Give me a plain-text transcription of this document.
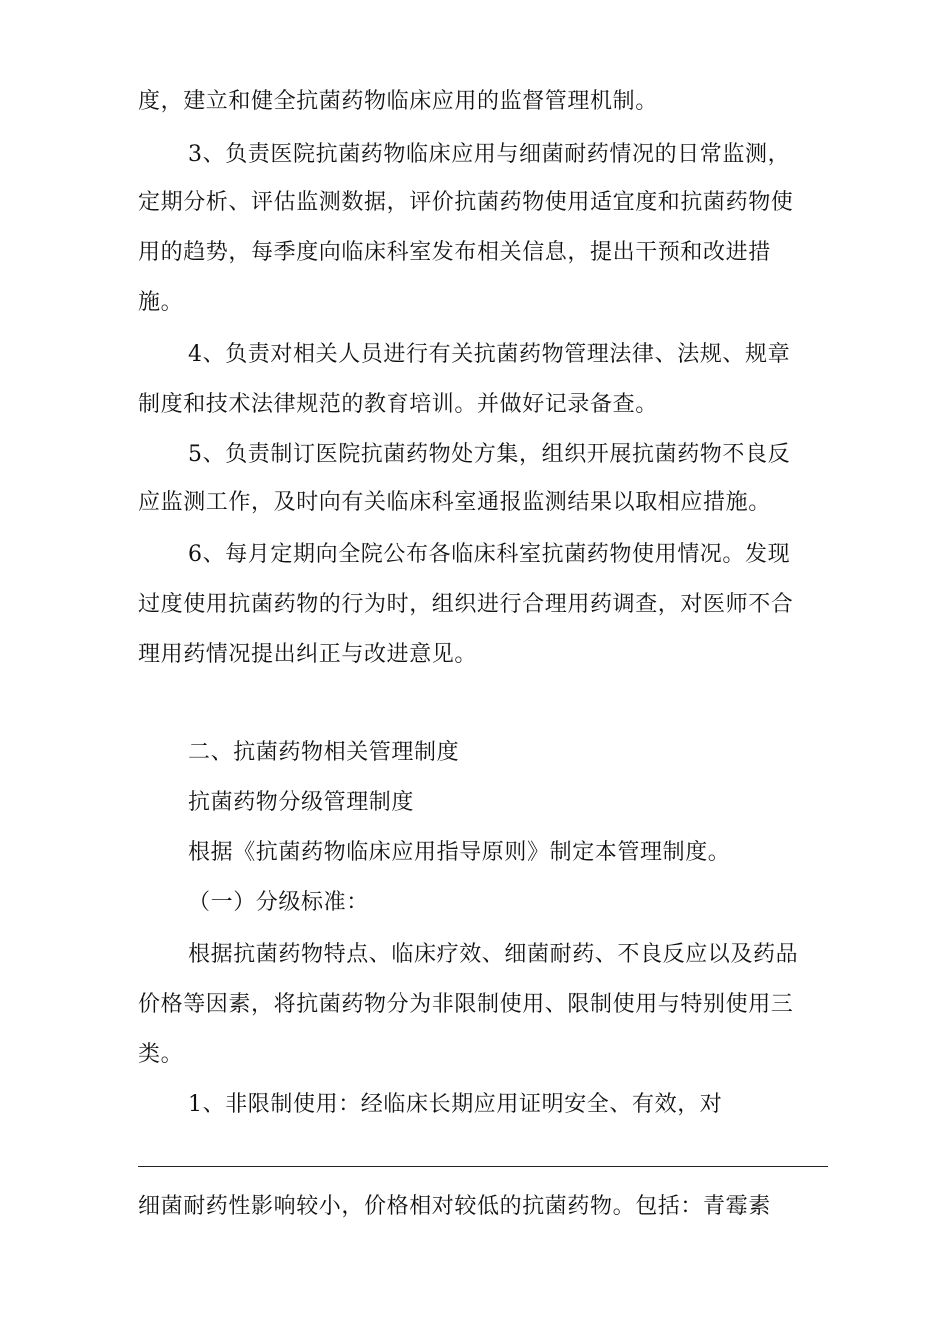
度，建立和健全抗菌药物临床应用的监督管理机制。
3、负责医院抗菌药物临床应用与细菌耐药情况的日常监测，
定期分析、评估监测数据，评价抗菌药物使用适宜度和抗菌药物使
用的趋势，每季度向临床科室发布相关信息，提出干预和改进措
施。
4、负责对相关人员进行有关抗菌药物管理法律、法规、规章
制度和技术法律规范的教育培训。并做好记录备查。
5、负责制订医院抗菌药物处方集，组织开展抗菌药物不良反
应监测工作，及时向有关临床科室通报监测结果以取相应措施。
6、每月定期向全院公布各临床科室抗菌药物使用情况。发现
过度使用抗菌药物的行为时，组织进行合理用药调查，对医师不合
理用药情况提出纠正与改进意见。
二、抗菌药物相关管理制度
抗菌药物分级管理制度
根据《抗菌药物临床应用指导原则》制定本管理制度。
（一）分级标准：
根据抗菌药物特点、临床疗效、细菌耐药、不良反应以及药品
价格等因素，将抗菌药物分为非限制使用、限制使用与特别使用三
类。
1、非限制使用：经临床长期应用证明安全、有效，对
细菌耐药性影响较小，价格相对较低的抗菌药物。包括：青霉素
